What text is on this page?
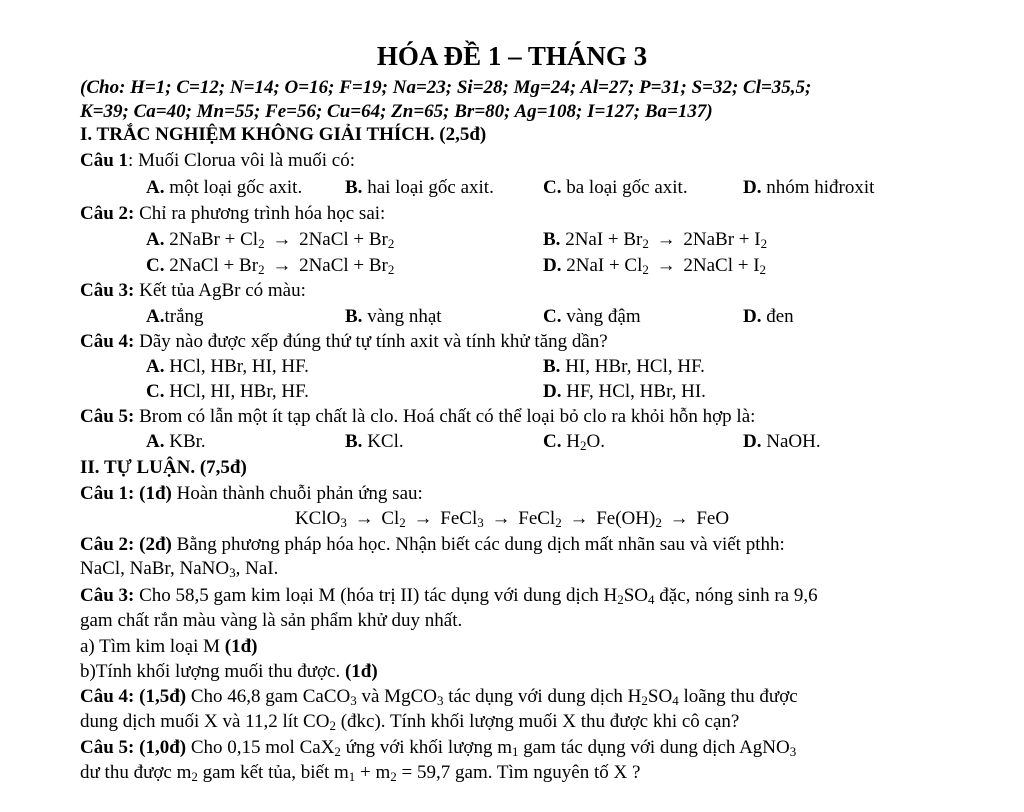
HÓA ĐỀ 1 – THÁNG 3
(Cho: H=1; C=12; N=14; O=16; F=19; Na=23; Si=28; Mg=24; Al=27; P=31; S=32; Cl=35,5;
K=39; Ca=40; Mn=55; Fe=56; Cu=64; Zn=65; Br=80; Ag=108; I=127; Ba=137)
I. TRẮC NGHIỆM KHÔNG GIẢI THÍCH. (2,5đ)
Câu 1: Muối Clorua vôi là muối có:
A. một loại gốc axit. B. hai loại gốc axit.	C. ba loại gốc axit.	D. nhóm hiđroxit
Câu 2: Chỉ ra phương trình hóa học sai:
A. 2NaBr + $Cl_2$ → 2NaCl + $Br_2$	B. $2NaI + Br_2$ → 2NaBr + $I_2$
C. 2NaCl + $Br_2$ → 2NaCl + $Br_2$	D. $2NaI + Cl_2$ → 2NaCl + $I_2$
Câu 3: Kết tủa AgBr có màu:
A.trắng	B. vàng nhạt	C. vàng đậm	D. đen
Câu 4: Dãy nào được xếp đúng thứ tự tính axit và tính khử tăng dần?
A. HCl, HBr, HI, HF.	B. HI, HBr, HCl, HF.
C. HCl, HI, HBr, HF.	D. HF, HCl, HBr, HI.
Câu 5: Brom có lẫn một ít tạp chất là clo. Hoá chất có thể loại bỏ clo ra khỏi hỗn hợp là:
A. KBr.	B. KCl.	C. $H_2O$.	D. NaOH.
II. TỰ LUẬN. (7,5đ)
Câu 1: (1đ) Hoàn thành chuỗi phản ứng sau:
KClO$_3$ → $Cl_2$ → FeCl$_3$ → FeCl$_2$ → $Fe(OH)_2$ → FeO
Câu 2: (2đ) Bằng phương pháp hóa học. Nhận biết các dung dịch mất nhãn sau và viết pthh:
NaCl, NaBr, NaNO$_3$, NaI.
Câu 3: Cho 58,5 gam kim loại M (hóa trị II) tác dụng với dung dịch $H_2SO_4$ đặc, nóng sinh ra 9,6
gam chất rắn màu vàng là sản phẩm khử duy nhất.
a) Tìm kim loại M (1đ)
b)Tính khối lượng muối thu được. (1đ)
Câu 4: (1,5đ) Cho 46,8 gam CaCO$_3$ và MgCO$_3$ tác dụng với dung dịch $H_2SO_4$ loãng thu được
dung dịch muối X và 11,2 lít $CO_2$ (đkc). Tính khối lượng muối X thu được khi cô cạn?
Câu 5: (1,0đ) Cho 0,15 mol CaX$_2$ ứng với khối lượng $m_1$ gam tác dụng với dung dịch AgNO$_3$
dư thu được $m_2$ gam kết tủa, biết $m_1 + m_2 = 59,7$ gam. Tìm nguyên tố X ?
